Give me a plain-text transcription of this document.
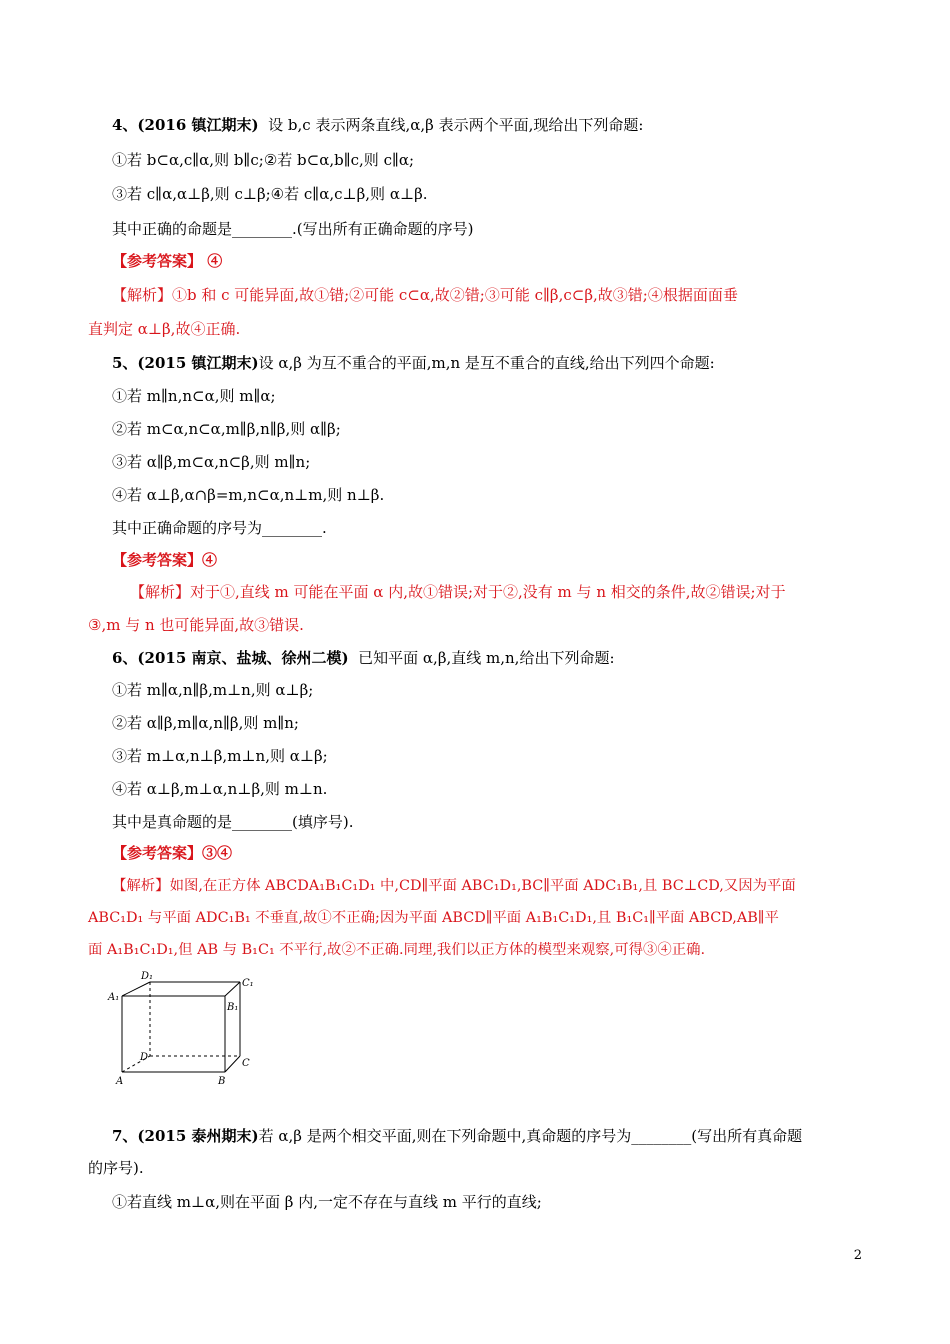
4、(2016 镇江期末) 设 b,c 表示两条直线,α,β 表示两个平面,现给出下列命题:
①若 b⊂α,c∥α,则 b∥c;②若 b⊂α,b∥c,则 c∥α;
③若 c∥α,α⊥β,则 c⊥β;④若 c∥α,c⊥β,则 α⊥β.
其中正确的命题是________.(写出所有正确命题的序号)
【参考答案】 ④
【解析】①b 和 c 可能异面,故①错;②可能 c⊂α,故②错;③可能 c∥β,c⊂β,故③错;④根据面面垂
直判定 α⊥β,故④正确.
5、(2015 镇江期末)设 α,β 为互不重合的平面,m,n 是互不重合的直线,给出下列四个命题:
①若 m∥n,n⊂α,则 m∥α;
②若 m⊂α,n⊂α,m∥β,n∥β,则 α∥β;
③若 α∥β,m⊂α,n⊂β,则 m∥n;
④若 α⊥β,α∩β=m,n⊂α,n⊥m,则 n⊥β.
其中正确命题的序号为________.
【参考答案】④
【解析】对于①,直线 m 可能在平面 α 内,故①错误;对于②,没有 m 与 n 相交的条件,故②错误;对于
③,m 与 n 也可能异面,故③错误.
6、(2015 南京、盐城、徐州二模) 已知平面 α,β,直线 m,n,给出下列命题:
①若 m∥α,n∥β,m⊥n,则 α⊥β;
②若 α∥β,m∥α,n∥β,则 m∥n;
③若 m⊥α,n⊥β,m⊥n,则 α⊥β;
④若 α⊥β,m⊥α,n⊥β,则 m⊥n.
其中是真命题的是________(填序号).
【参考答案】③④
【解析】如图,在正方体 ABCDA₁B₁C₁D₁ 中,CD∥平面 ABC₁D₁,BC∥平面 ADC₁B₁,且 BC⊥CD,又因为平面
ABC₁D₁ 与平面 ADC₁B₁ 不垂直,故①不正确;因为平面 ABCD∥平面 A₁B₁C₁D₁,且 B₁C₁∥平面 ABCD,AB∥平
面 A₁B₁C₁D₁,但 AB 与 B₁C₁ 不平行,故②不正确.同理,我们以正方体的模型来观察,可得③④正确.
A	B
C
D
A₁
B₁
C₁
D₁
7、(2015 泰州期末)若 α,β 是两个相交平面,则在下列命题中,真命题的序号为________(写出所有真命题
的序号).
①若直线 m⊥α,则在平面 β 内,一定不存在与直线 m 平行的直线;
2
